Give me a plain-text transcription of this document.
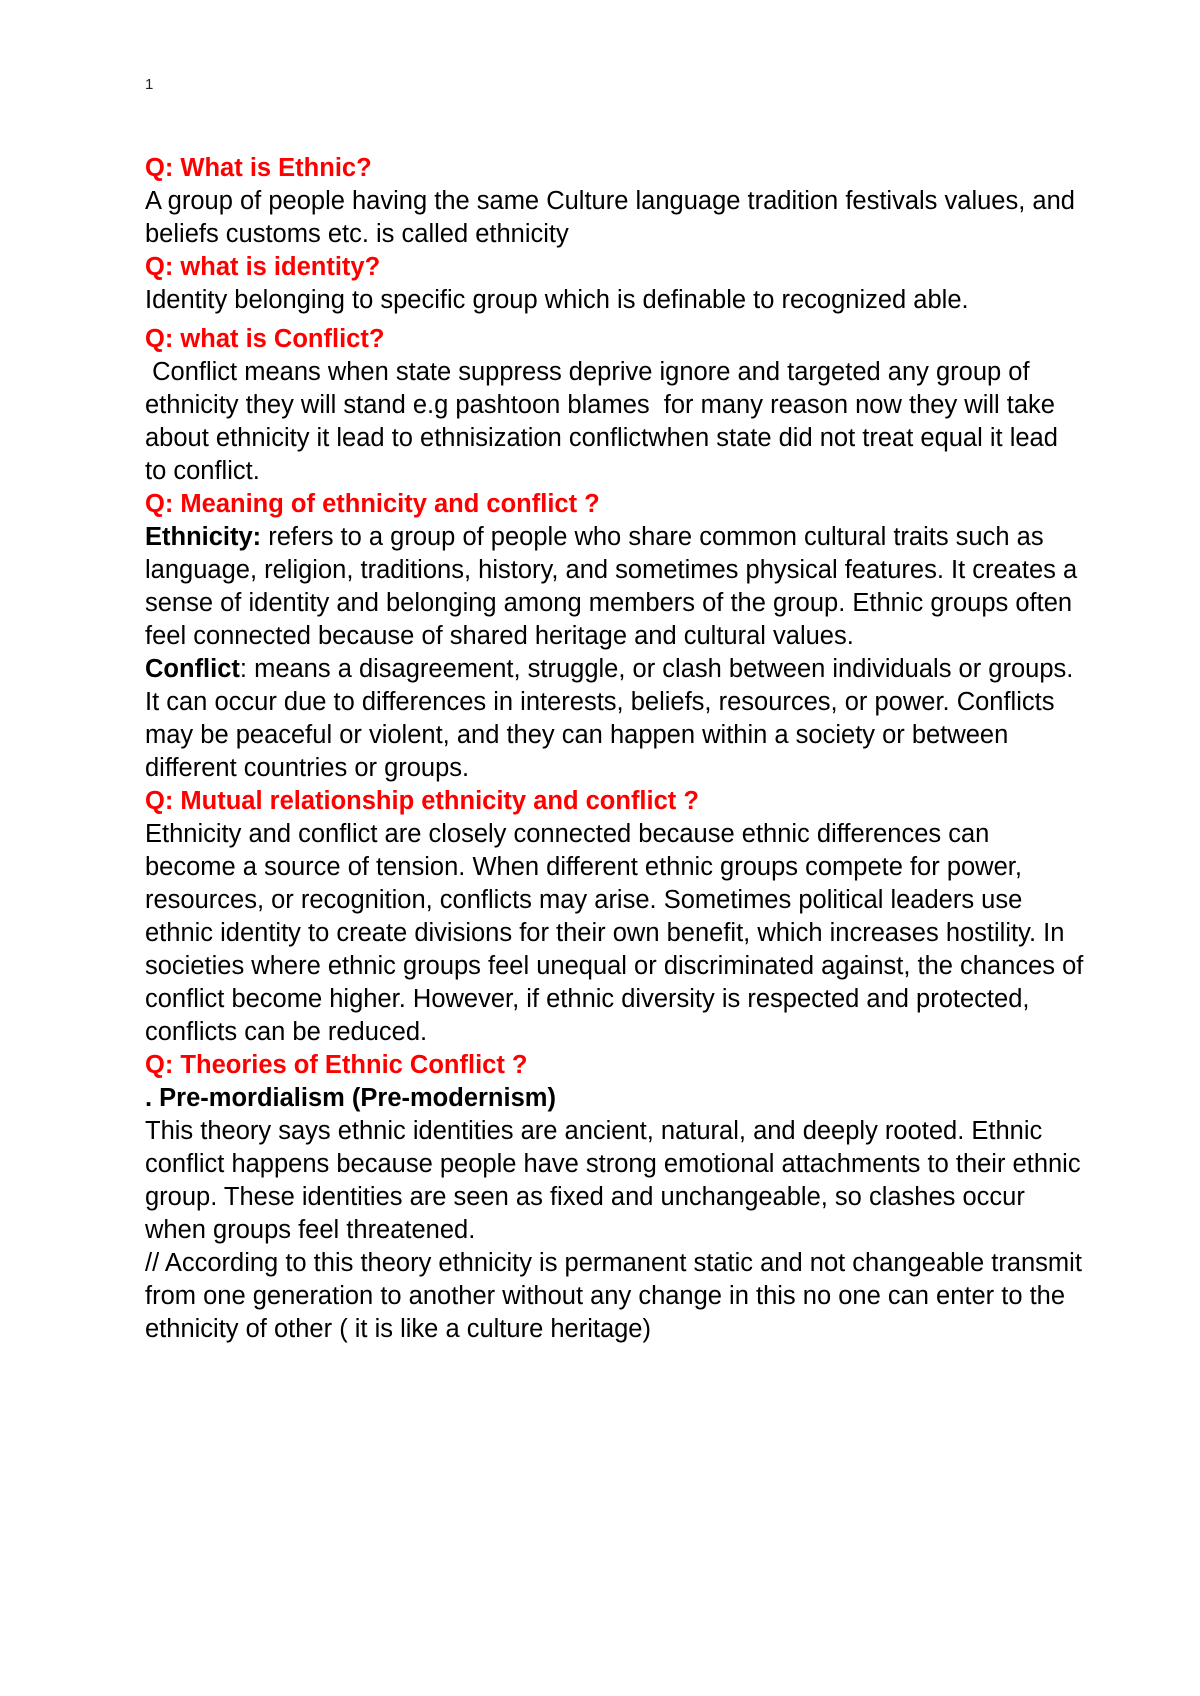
1

Q: What is Ethnic?

A group of people having the same Culture language tradition festivals values, and beliefs customs etc. is called ethnicity

Q: what is identity?

Identity belonging to specific group which is definable to recognized able.

Q: what is Conflict?

Conflict means when state suppress deprive ignore and targeted any group of ethnicity they will stand e.g pashtoon blames  for many reason now they will take about ethnicity it lead to ethnisization conflictwhen state did not treat equal it lead to conflict.

Q: Meaning of ethnicity and conflict ?

Ethnicity: refers to a group of people who share common cultural traits such as language, religion, traditions, history, and sometimes physical features. It creates a sense of identity and belonging among members of the group. Ethnic groups often feel connected because of shared heritage and cultural values.

Conflict: means a disagreement, struggle, or clash between individuals or groups. It can occur due to differences in interests, beliefs, resources, or power. Conflicts may be peaceful or violent, and they can happen within a society or between different countries or groups.

Q: Mutual relationship ethnicity and conflict ?

Ethnicity and conflict are closely connected because ethnic differences can become a source of tension. When different ethnic groups compete for power, resources, or recognition, conflicts may arise. Sometimes political leaders use ethnic identity to create divisions for their own benefit, which increases hostility. In societies where ethnic groups feel unequal or discriminated against, the chances of conflict become higher. However, if ethnic diversity is respected and protected, conflicts can be reduced.

Q: Theories of Ethnic Conflict ?

. Pre-mordialism (Pre-modernism)

This theory says ethnic identities are ancient, natural, and deeply rooted. Ethnic conflict happens because people have strong emotional attachments to their ethnic group. These identities are seen as fixed and unchangeable, so clashes occur when groups feel threatened.

// According to this theory ethnicity is permanent static and not changeable transmit from one generation to another without any change in this no one can enter to the ethnicity of other ( it is like a culture heritage)
